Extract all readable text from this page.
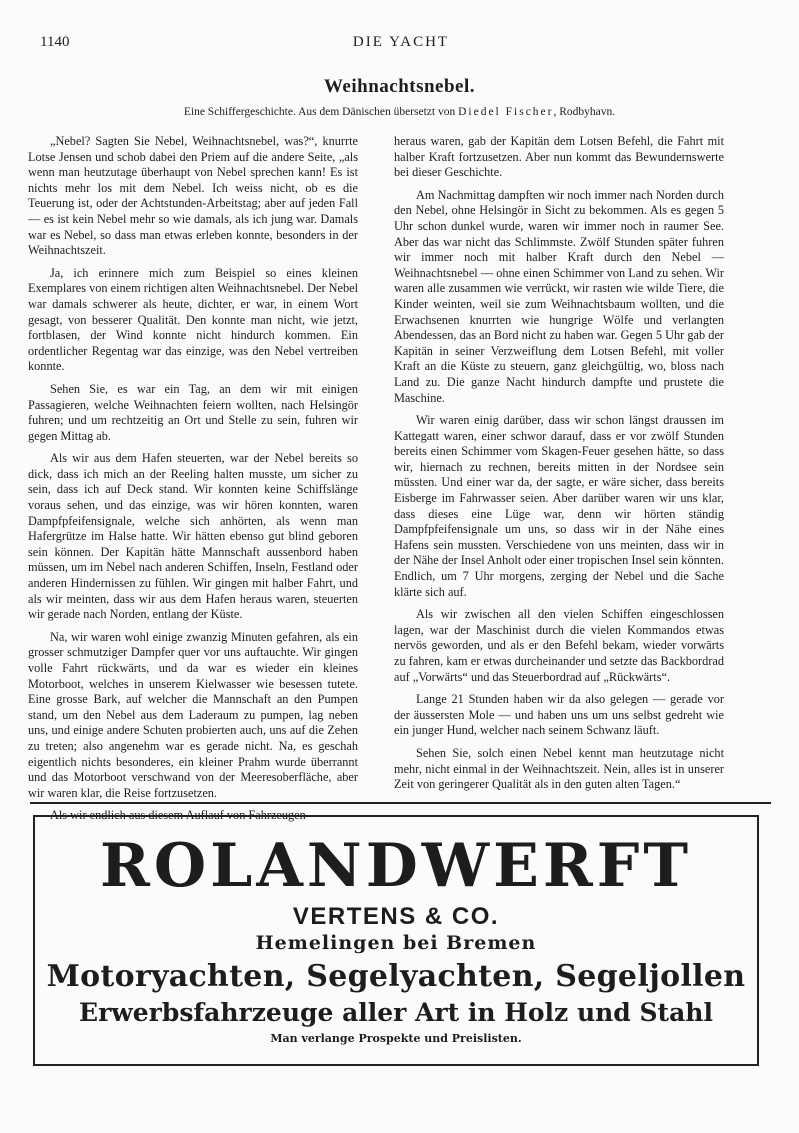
1140	DIE YACHT
Weihnachtsnebel.
Eine Schiffergeschichte. Aus dem Dänischen übersetzt von Diedel Fischer, Rodbyhavn.

„Nebel? Sagten Sie Nebel, Weihnachtsnebel, was?“, knurrte Lotse Jensen und schob dabei den Priem auf die andere Seite, „als wenn man heutzutage überhaupt von Nebel sprechen kann! Es ist nichts mehr los mit dem Nebel. Ich weiss nicht, ob es die Teuerung ist, oder der Achtstunden-Arbeitstag; aber auf jeden Fall — es ist kein Nebel mehr so wie damals, als ich jung war. Damals war es Nebel, so dass man etwas erleben konnte, besonders in der Weihnachtszeit.

Ja, ich erinnere mich zum Beispiel so eines kleinen Exemplares von einem richtigen alten Weihnachtsnebel. Der Nebel war damals schwerer als heute, dichter, er war, in einem Wort gesagt, von besserer Qualität. Den konnte man nicht, wie jetzt, fortblasen, der Wind konnte nicht hindurch kommen. Ein ordentlicher Regentag war das einzige, was den Nebel vertreiben konnte.

Sehen Sie, es war ein Tag, an dem wir mit einigen Passagieren, welche Weihnachten feiern wollten, nach Helsingör fuhren; und um rechtzeitig an Ort und Stelle zu sein, fuhren wir gegen Mittag ab.

Als wir aus dem Hafen steuerten, war der Nebel bereits so dick, dass ich mich an der Reeling halten musste, um sicher zu sein, dass ich auf Deck stand. Wir konnten keine Schiffslänge voraus sehen, und das einzige, was wir hören konnten, waren Dampfpfeifensignale, welche sich anhörten, als wenn man Hafergrütze im Halse hatte. Wir hätten ebenso gut blind geboren sein können. Der Kapitän hätte Mannschaft aussenbord haben müssen, um im Nebel nach anderen Schiffen, Inseln, Festland oder anderen Hindernissen zu fühlen. Wir gingen mit halber Fahrt, und als wir meinten, dass wir aus dem Hafen heraus waren, steuerten wir gerade nach Norden, entlang der Küste.

Na, wir waren wohl einige zwanzig Minuten gefahren, als ein grosser schmutziger Dampfer quer vor uns auftauchte. Wir gingen volle Fahrt rückwärts, und da war es wieder ein kleines Motorboot, welches in unserem Kielwasser wie besessen tutete. Eine grosse Bark, auf welcher die Mannschaft an den Pumpen stand, um den Nebel aus dem Laderaum zu pumpen, lag neben uns, und einige andere Schuten probierten auch, uns auf die Zehen zu treten; also angenehm war es gerade nicht. Na, es geschah eigentlich nichts besonderes, ein kleiner Prahm wurde überrannt und das Motorboot verschwand von der Meeresoberfläche, aber wir waren klar, die Reise fortzusetzen.

Als wir endlich aus diesem Auflauf von Fahrzeugen

heraus waren, gab der Kapitän dem Lotsen Befehl, die Fahrt mit halber Kraft fortzusetzen. Aber nun kommt das Bewundernswerte bei dieser Geschichte.

Am Nachmittag dampften wir noch immer nach Norden durch den Nebel, ohne Helsingör in Sicht zu bekommen. Als es gegen 5 Uhr schon dunkel wurde, waren wir immer noch in raumer See. Aber das war nicht das Schlimmste. Zwölf Stunden später fuhren wir immer noch mit halber Kraft durch den Nebel — Weihnachtsnebel — ohne einen Schimmer von Land zu sehen. Wir waren alle zusammen wie verrückt, wir rasten wie wilde Tiere, die Kinder weinten, weil sie zum Weihnachtsbaum wollten, und die Erwachsenen knurrten wie hungrige Wölfe und verlangten Abendessen, das an Bord nicht zu haben war. Gegen 5 Uhr gab der Kapitän in seiner Verzweiflung dem Lotsen Befehl, mit voller Kraft an die Küste zu steuern, ganz gleichgültig, wo, bloss nach Land zu. Die ganze Nacht hindurch dampfte und prustete die Maschine.

Wir waren einig darüber, dass wir schon längst draussen im Kattegatt waren, einer schwor darauf, dass er vor zwölf Stunden bereits einen Schimmer vom Skagen-Feuer gesehen hätte, so dass wir, hiernach zu rechnen, bereits mitten in der Nordsee sein müssten. Und einer war da, der sagte, er wäre sicher, dass bereits Eisberge im Fahrwasser seien. Aber darüber waren wir uns klar, dass dieses eine Lüge war, denn wir hörten ständig Dampfpfeifensignale um uns, so dass wir in der Nähe eines Hafens sein mussten. Verschiedene von uns meinten, dass wir in der Nähe der Insel Anholt oder einer tropischen Insel sein könnten. Endlich, um 7 Uhr morgens, zerging der Nebel und die Sache klärte sich auf.

Als wir zwischen all den vielen Schiffen eingeschlossen lagen, war der Maschinist durch die vielen Kommandos etwas nervös geworden, und als er den Befehl bekam, wieder vorwärts zu fahren, kam er etwas durcheinander und setzte das Backbordrad auf „Vorwärts“ und das Steuerbordrad auf „Rückwärts“.

Lange 21 Stunden haben wir da also gelegen — gerade vor der äussersten Mole — und haben uns um uns selbst gedreht wie ein junger Hund, welcher nach seinem Schwanz läuft.

Sehen Sie, solch einen Nebel kennt man heutzutage nicht mehr, nicht einmal in der Weihnachtszeit. Nein, alles ist in unserer Zeit von geringerer Qualität als in den guten alten Tagen.“

ROLANDWERFT
VERTENS & CO.
Hemelingen bei Bremen
Motoryachten, Segelyachten, Segeljollen
Erwerbsfahrzeuge aller Art in Holz und Stahl
Man verlange Prospekte und Preislisten.
